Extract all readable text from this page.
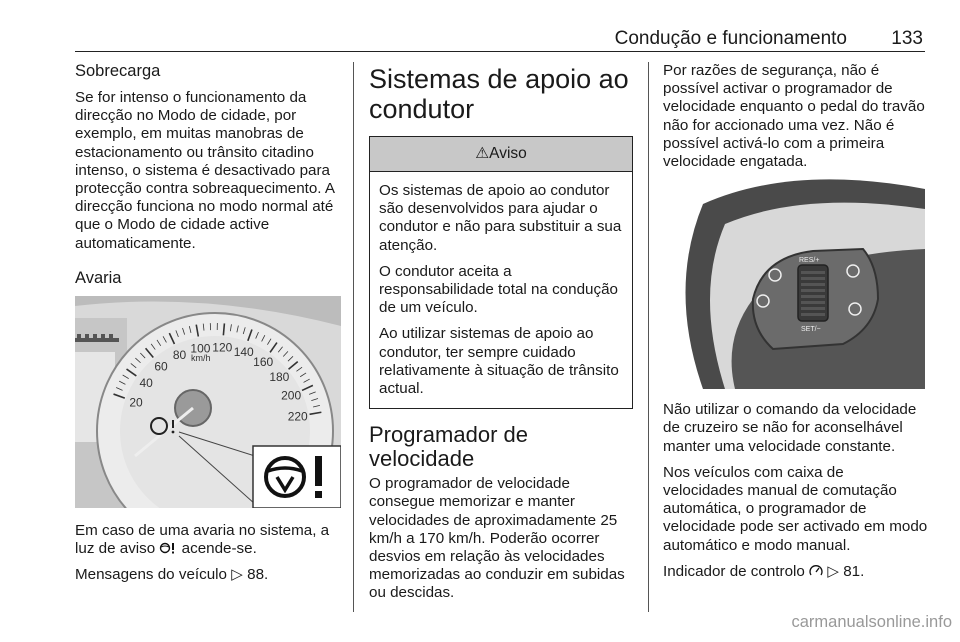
Condução e funcionamento 133
Sobrecarga
Se for intenso o funcionamento da direcção no Modo de cidade, por exemplo, em muitas manobras de estacionamento ou trânsito citadino intenso, o sistema é desactivado para protecção contra sobreaquecimento. A direcção funciona no modo normal até que o Modo de cidade active automaticamente.
Avaria
20
40
60
80 100 120 140
160
180
200
220
km/h
Em caso de uma avaria no sistema, a luz de aviso acende-se.
Mensagens do veículo ▷ 88.
Sistemas de apoio ao condutor
⚠Aviso
Os sistemas de apoio ao condutor são desenvolvidos para ajudar o condutor e não para substituir a sua atenção.
O condutor aceita a responsabilidade total na condução de um veículo.
Ao utilizar sistemas de apoio ao condutor, ter sempre cuidado relativamente à situação de trânsito actual.
Programador de velocidade
O programador de velocidade consegue memorizar e manter velocidades de aproximadamente 25 km/h a 170 km/h. Poderão ocorrer desvios em relação às velocidades memorizadas ao conduzir em subidas ou descidas.
Por razões de segurança, não é possível activar o programador de velocidade enquanto o pedal do travão não for accionado uma vez. Não é possível activá-lo com a primeira velocidade engatada.
RES/+
SET/−
Não utilizar o comando da velocidade de cruzeiro se não for aconselhável manter uma velocidade constante.
Nos veículos com caixa de velocidades manual de comutação automática, o programador de velocidade pode ser activado em modo automático e modo manual.
Indicador de controlo ▷ 81.
carmanualsonline.info
